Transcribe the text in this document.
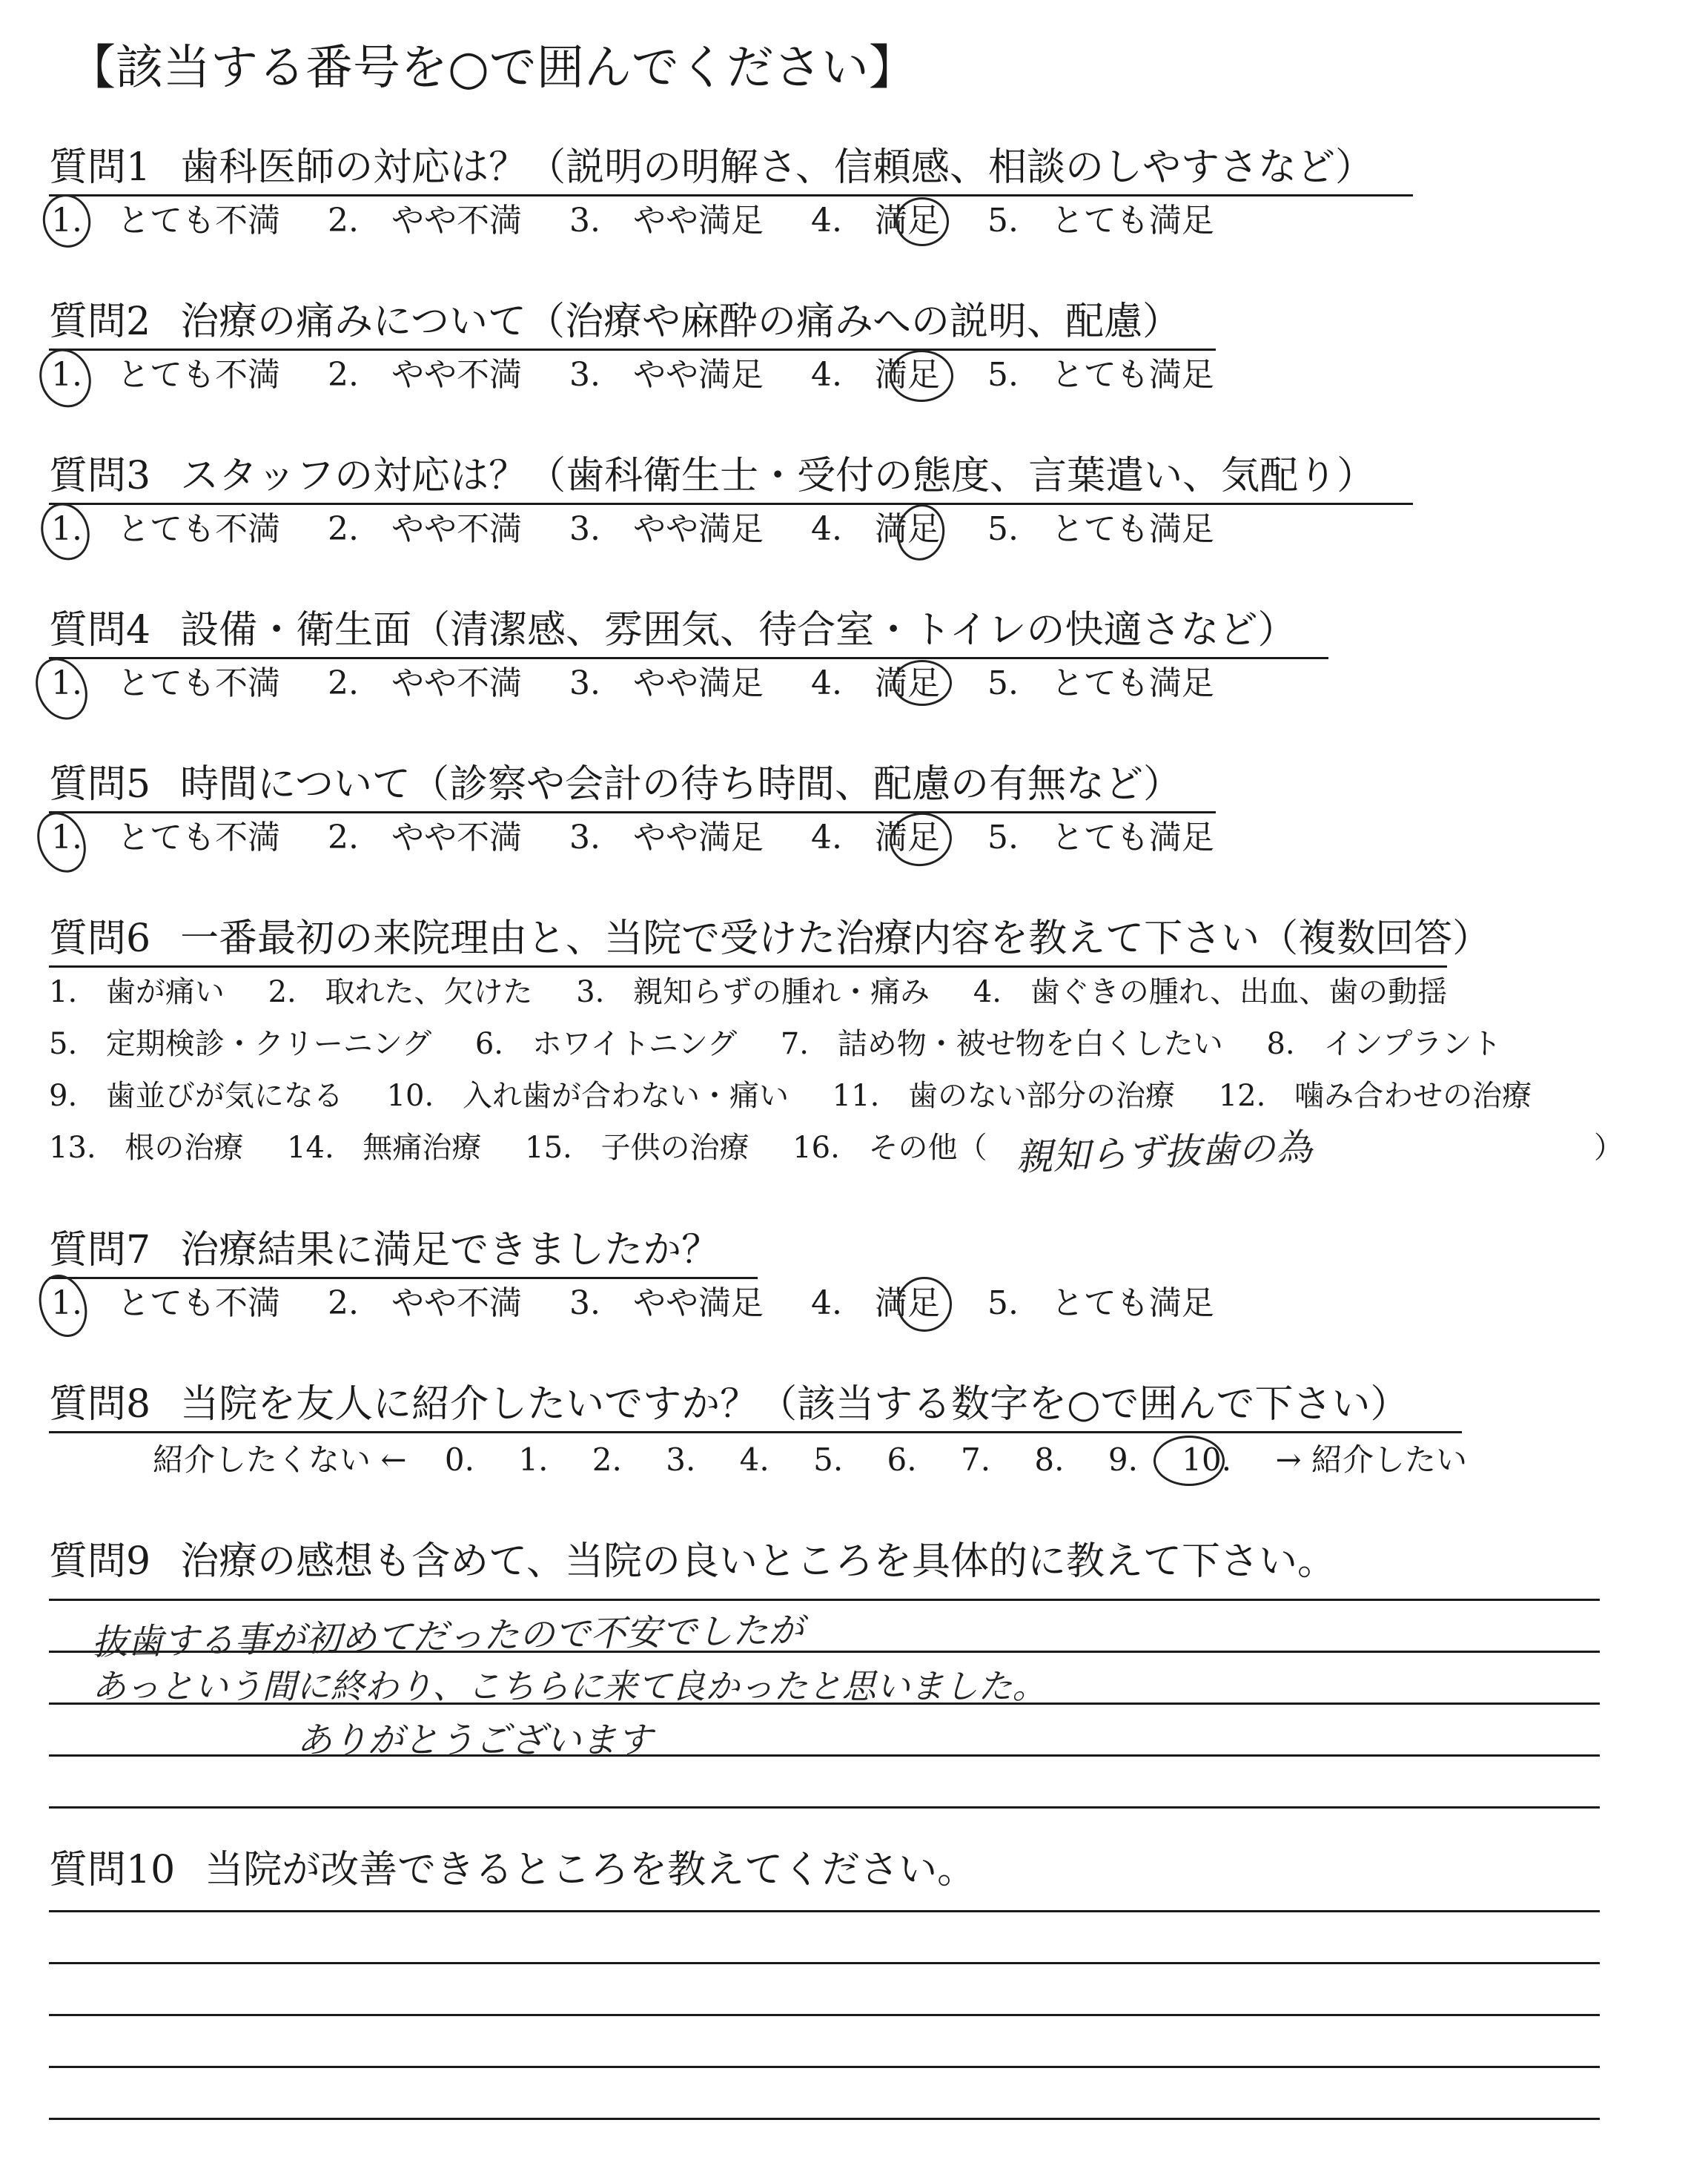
【該当する番号を○で囲んでください】
質問1 歯科医師の対応は？（説明の明解さ、信頼感、相談のしやすさなど）
1. とても不満 2. やや不満 3. やや満足 4. 満足 5. とても満足
質問2 治療の痛みについて（治療や麻酔の痛みへの説明、配慮）
1. とても不満 2. やや不満 3. やや満足 4. 満足 5. とても満足
質問3 スタッフの対応は？（歯科衛生士・受付の態度、言葉遣い、気配り）
1. とても不満 2. やや不満 3. やや満足 4. 満足 5. とても満足
質問4 設備・衛生面（清潔感、雰囲気、待合室・トイレの快適さなど）
1. とても不満 2. やや不満 3. やや満足 4. 満足 5. とても満足
質問5 時間について（診察や会計の待ち時間、配慮の有無など）
1. とても不満 2. やや不満 3. やや満足 4. 満足 5. とても満足
質問6 一番最初の来院理由と、当院で受けた治療内容を教えて下さい（複数回答）
1. 歯が痛い 2. 取れた、欠けた 3. 親知らずの腫れ・痛み 4. 歯ぐきの腫れ、出血、歯の動揺
5. 定期検診・クリーニング 6. ホワイトニング 7. 詰め物・被せ物を白くしたい 8. インプラント
9. 歯並びが気になる 10. 入れ歯が合わない・痛い 11. 歯のない部分の治療 12. 噛み合わせの治療
13. 根の治療 14. 無痛治療 15. 子供の治療 16. その他（ 親知らず抜歯の為	）
質問7 治療結果に満足できましたか？
1. とても不満 2. やや不満 3. やや満足 4. 満足 5. とても満足
質問8 当院を友人に紹介したいですか？（該当する数字を○で囲んで下さい）
紹介したくない ← 0. 1. 2. 3. 4. 5. 6. 7. 8. 9. 10. → 紹介したい
質問9 治療の感想も含めて、当院の良いところを具体的に教えて下さい。
抜歯する事が初めてだったので不安でしたが
あっという間に終わり、こちらに来て良かったと思いました。
ありがとうございます
質問10 当院が改善できるところを教えてください。
